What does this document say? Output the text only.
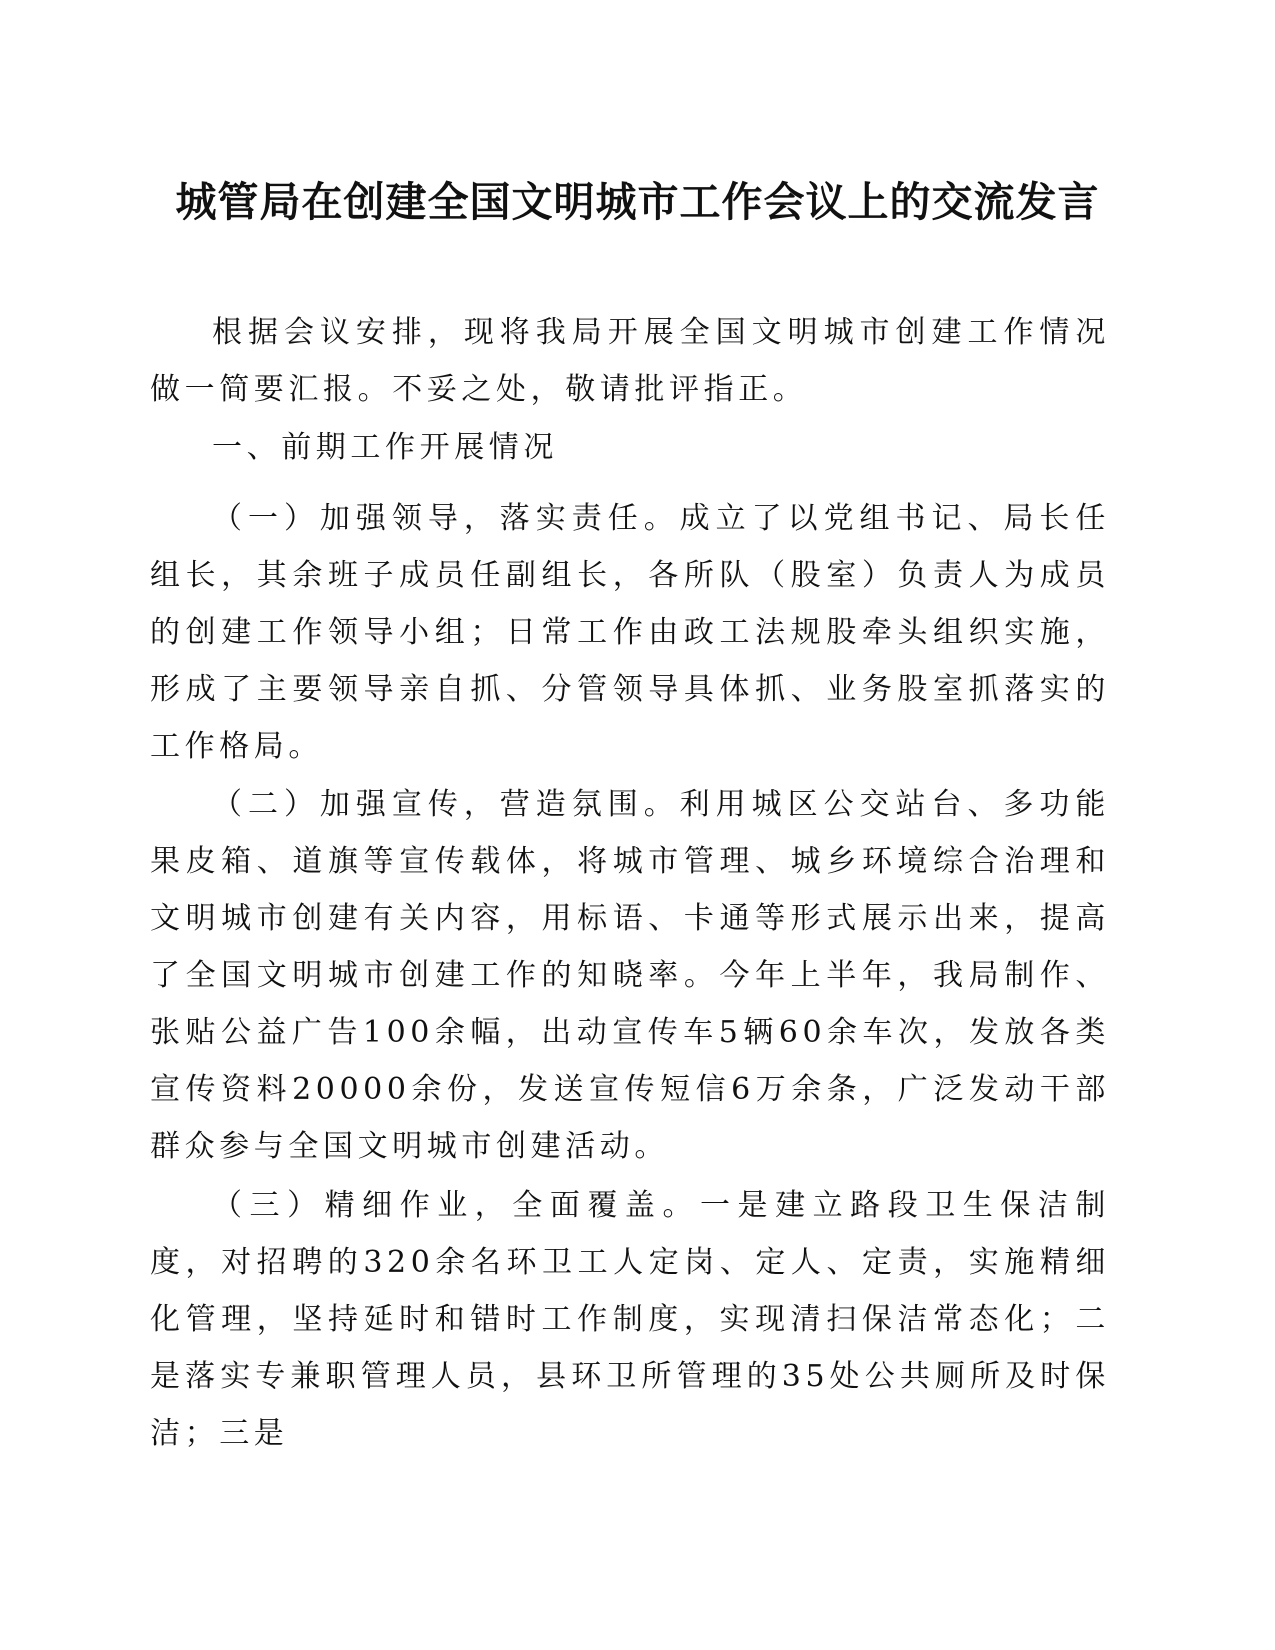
城管局在创建全国文明城市工作会议上的交流发言

根据会议安排，现将我局开展全国文明城市创建工作情况做一简要汇报。不妥之处，敬请批评指正。

一、前期工作开展情况

（一）加强领导，落实责任。成立了以党组书记、局长任组长，其余班子成员任副组长，各所队（股室）负责人为成员的创建工作领导小组；日常工作由政工法规股牵头组织实施，形成了主要领导亲自抓、分管领导具体抓、业务股室抓落实的工作格局。

（二）加强宣传，营造氛围。利用城区公交站台、多功能果皮箱、道旗等宣传载体，将城市管理、城乡环境综合治理和文明城市创建有关内容，用标语、卡通等形式展示出来，提高了全国文明城市创建工作的知晓率。今年上半年，我局制作、张贴公益广告100余幅，出动宣传车5辆60余车次，发放各类宣传资料20000余份，发送宣传短信6万余条，广泛发动干部群众参与全国文明城市创建活动。

（三）精细作业，全面覆盖。一是建立路段卫生保洁制度，对招聘的320余名环卫工人定岗、定人、定责，实施精细化管理，坚持延时和错时工作制度，实现清扫保洁常态化；二是落实专兼职管理人员，县环卫所管理的35处公共厕所及时保洁；三是
